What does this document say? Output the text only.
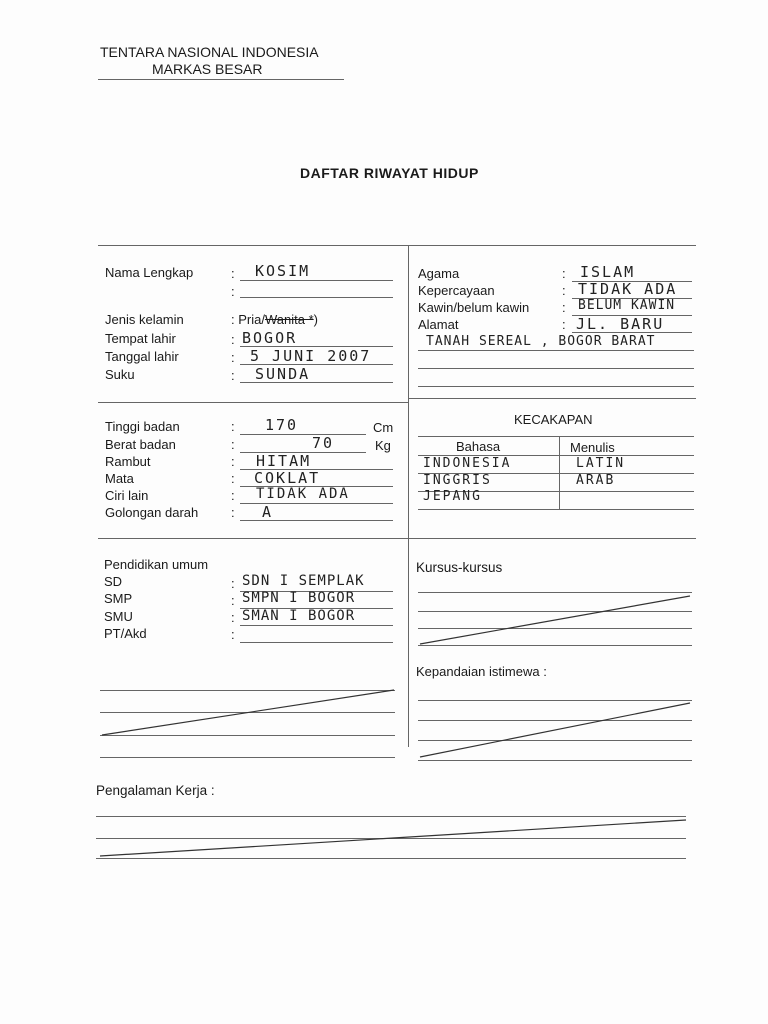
TENTARA NASIONAL INDONESIA
MARKAS BESAR
DAFTAR RIWAYAT HIDUP
Nama Lengkap	: KOSIM
:
Jenis kelamin	: Pria/Wanita *)
Tempat lahir	: BOGOR
Tanggal lahir	: 5 JUNI 2007
Suku	: SUNDA
Agama	: ISLAM
Kepercayaan	: TIDAK ADA
Kawin/belum kawin	: BELUM KAWIN
Alamat	: JL. BARU
TANAH SEREAL , BOGOR BARAT
Tinggi badan	: 170	Cm
Berat badan	:	70	Kg
Rambut	: HITAM
Mata	: COKLAT
Ciri lain	: TIDAK ADA
Golongan darah	: A
KECAKAPAN
Bahasa	Menulis
INDONESIA	LATIN
INGGRIS	ARAB
JEPANG
Pendidikan umum
SD	: SDN I SEMPLAK
SMP	: SMPN I BOGOR
SMU	: SMAN I BOGOR
PT/Akd	:
Kursus-kursus
Kepandaian istimewa :
Pengalaman Kerja :
